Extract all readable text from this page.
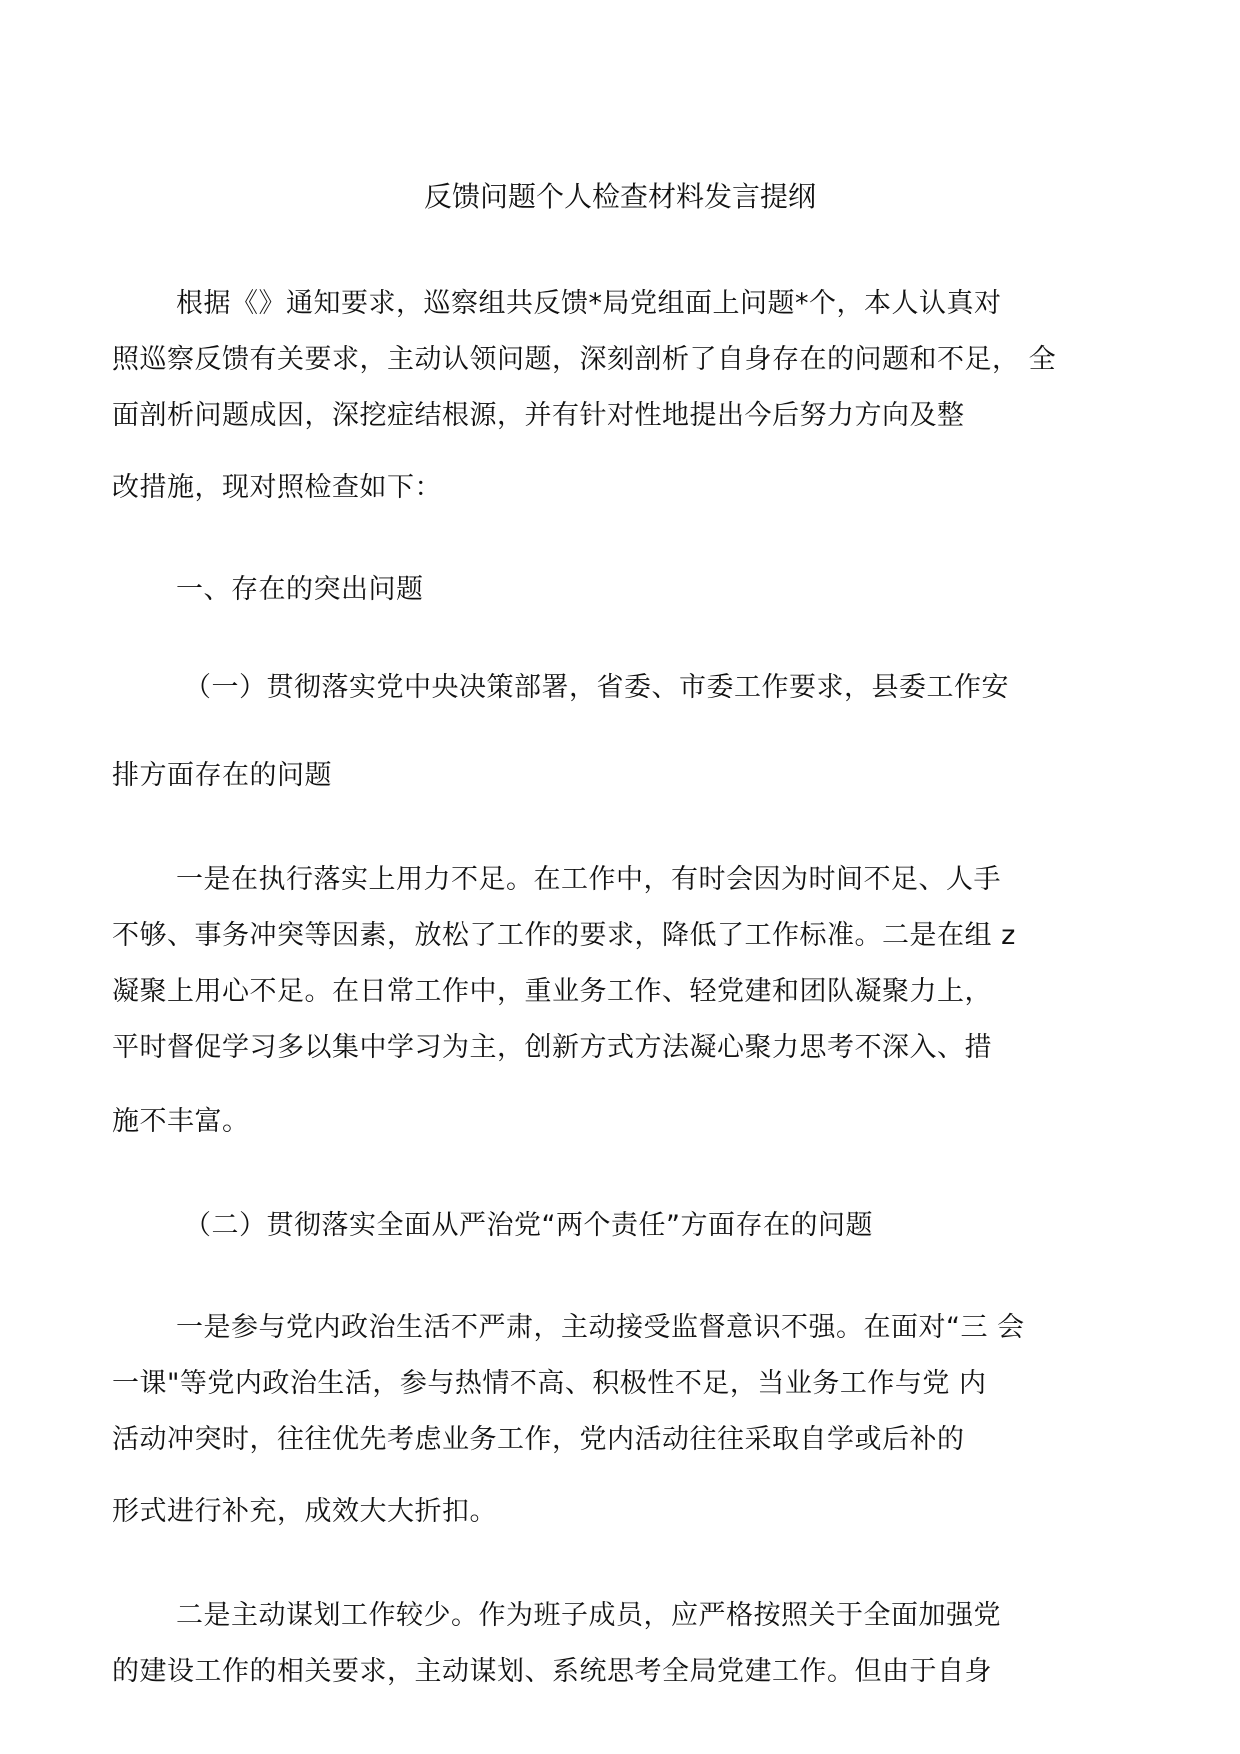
反馈问题个人检查材料发言提纲
根据《》通知要求，巡察组共反馈*局党组面上问题*个，本人认真对
照巡察反馈有关要求，主动认领问题，深刻剖析了自身存在的问题和不足， 全
面剖析问题成因，深挖症结根源，并有针对性地提出今后努力方向及整
改措施，现对照检查如下：
一、存在的突出问题
（一）贯彻落实党中央决策部署，省委、市委工作要求，县委工作安
排方面存在的问题
一是在执行落实上用力不足。在工作中，有时会因为时间不足、人手
不够、事务冲突等因素，放松了工作的要求，降低了工作标准。二是在组 z
凝聚上用心不足。在日常工作中，重业务工作、轻党建和团队凝聚力上，
平时督促学习多以集中学习为主，创新方式方法凝心聚力思考不深入、措
施不丰富。
（二）贯彻落实全面从严治党“两个责任”方面存在的问题
一是参与党内政治生活不严肃，主动接受监督意识不强。在面对“三 会
一课"等党内政治生活，参与热情不高、积极性不足，当业务工作与党 内
活动冲突时，往往优先考虑业务工作，党内活动往往采取自学或后补的
形式进行补充，成效大大折扣。
二是主动谋划工作较少。作为班子成员，应严格按照关于全面加强党
的建设工作的相关要求，主动谋划、系统思考全局党建工作。但由于自身
